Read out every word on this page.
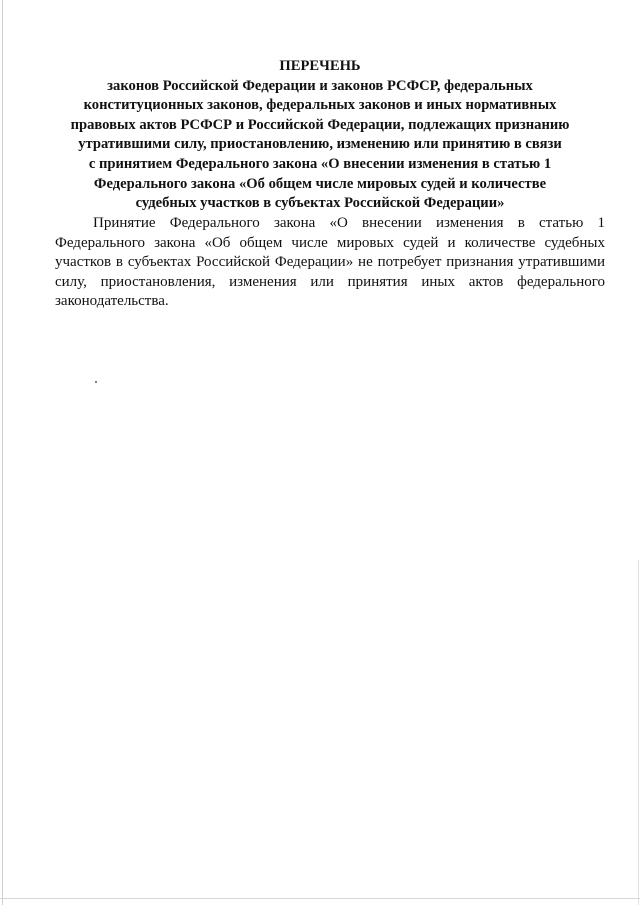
ПЕРЕЧЕНЬ
законов Российской Федерации и законов РСФСР, федеральных
конституционных законов, федеральных законов и иных нормативных
правовых актов РСФСР и Российской Федерации, подлежащих признанию
утратившими силу, приостановлению, изменению или принятию в связи
с принятием Федерального закона «О внесении изменения в статью 1
Федерального закона «Об общем числе мировых судей и количестве
судебных участков в субъектах Российской Федерации»

Принятие Федерального закона «О внесении изменения в статью 1 Федерального закона «Об общем числе мировых судей и количестве судебных участков в субъектах Российской Федерации» не потребует признания утратившими силу, приостановления, изменения или принятия иных актов федерального законодательства.
